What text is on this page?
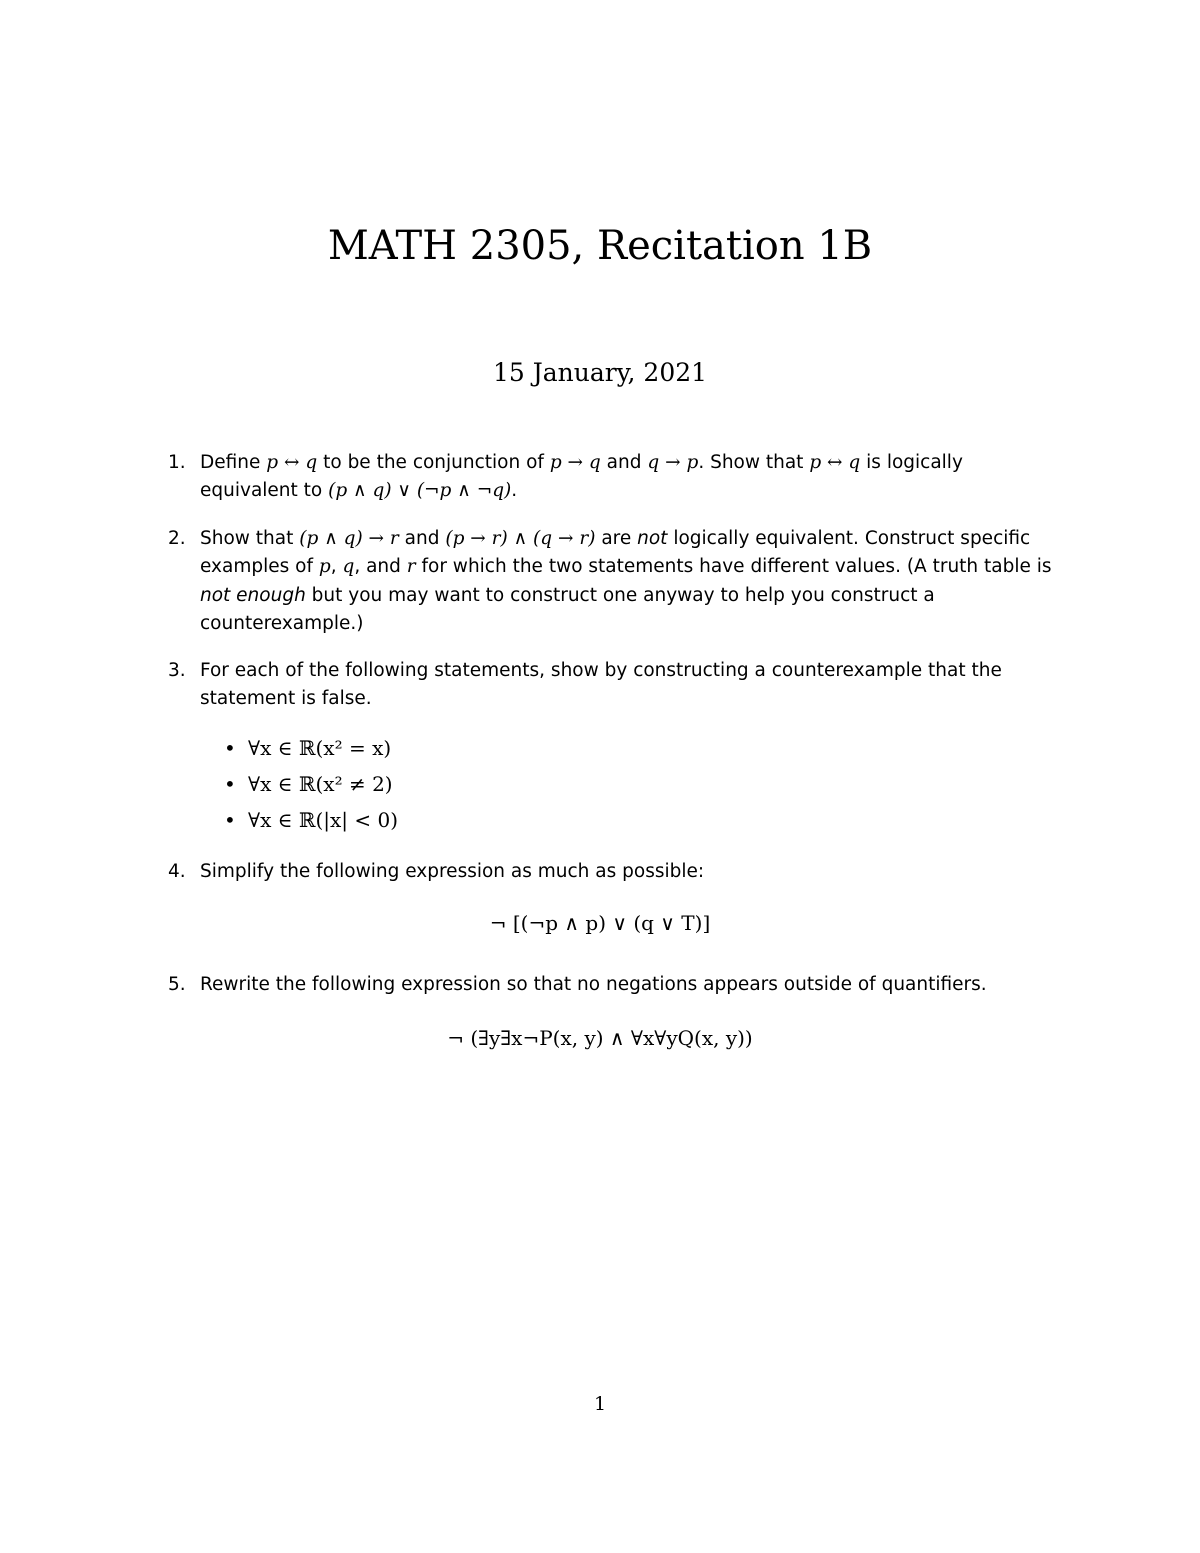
MATH 2305, Recitation 1B
15 January, 2021
1. Define p ↔ q to be the conjunction of p → q and q → p. Show that p ↔ q is logically equivalent to (p ∧ q) ∨ (¬p ∧ ¬q).
2. Show that (p ∧ q) → r and (p → r) ∧ (q → r) are not logically equivalent. Construct specific examples of p, q, and r for which the two statements have different values. (A truth table is not enough but you may want to construct one anyway to help you construct a counterexample.)
3. For each of the following statements, show by constructing a counterexample that the statement is false.
• ∀x ∈ ℝ(x² = x)
• ∀x ∈ ℝ(x² ≠ 2)
• ∀x ∈ ℝ(|x| < 0)
4. Simplify the following expression as much as possible:
¬ [(¬p ∧ p) ∨ (q ∨ T)]
5. Rewrite the following expression so that no negations appears outside of quantifiers.
¬ (∃y∃x¬P(x, y) ∧ ∀x∀yQ(x, y))
1
